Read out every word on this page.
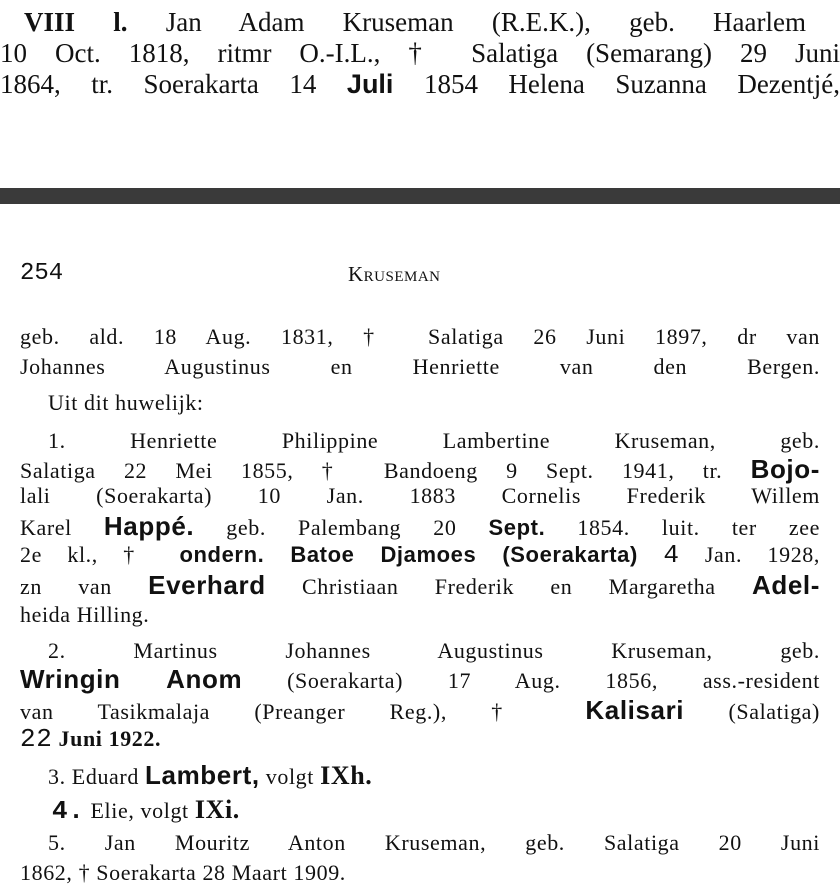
VIII l. Jan Adam Kruseman (R.E.K.), geb. Haarlem
10 Oct. 1818, ritmr O.-I.L., † Salatiga (Semarang) 29 Juni
1864, tr. Soerakarta 14 Juli 1854 Helena Suzanna Dezentjé,
254	KRUSEMAN
geb. ald. 18 Aug. 1831, † Salatiga 26 Juni 1897, dr van
Johannes Augustinus en Henriette van den Bergen.
Uit dit huwelijk:
1. Henriette Philippine Lambertine Kruseman, geb.
Salatiga 22 Mei 1855, † Bandoeng 9 Sept. 1941, tr. Bojo-
lali (Soerakarta) 10 Jan. 1883 Cornelis Frederik Willem
Karel Happé. geb. Palembang 20 Sept. 1854. luit. ter zee
2e kl., † ondern. Batoe Djamoes (Soerakarta) 4 Jan. 1928,
zn van Everhard Christiaan Frederik en Margaretha Adel-
heida Hilling.
2. Martinus Johannes Augustinus Kruseman, geb.
Wringin Anom (Soerakarta) 17 Aug. 1856, ass.-resident
van Tasikmalaja (Preanger Reg.), † Kalisari (Salatiga)
22 Juni 1922.
3. Eduard Lambert, volgt IXh.
4. Elie, volgt IXi.
5. Jan Mouritz Anton Kruseman, geb. Salatiga 20 Juni
1862, † Soerakarta 28 Maart 1909.
